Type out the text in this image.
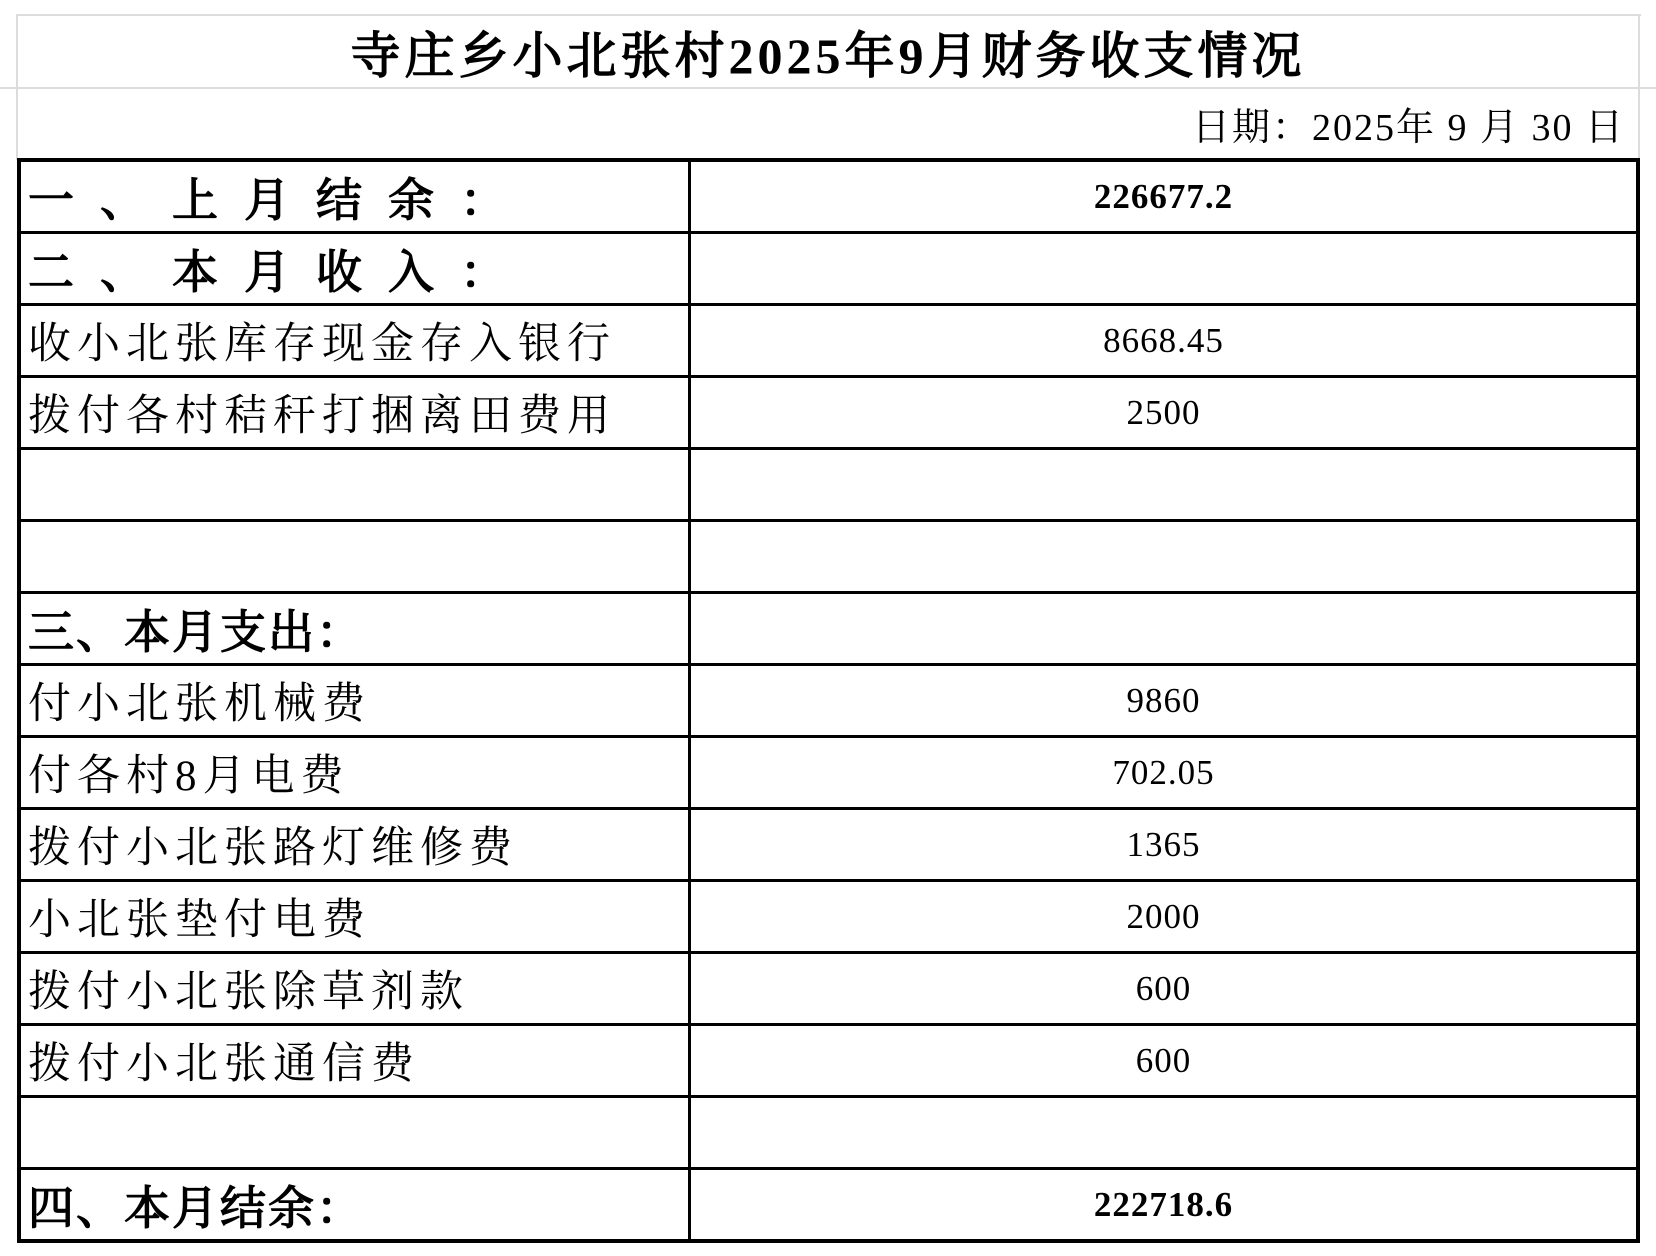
寺庄乡小北张村2025年9月财务收支情况
日期：2025年 9 月 30 日
一、上月结余：	226677.2
二、本月收入：
收小北张库存现金存入银行	8668.45
拨付各村秸秆打捆离田费用	2500
三、本月支出：
付小北张机械费	9860
付各村8月电费	702.05
拨付小北张路灯维修费	1365
小北张垫付电费	2000
拨付小北张除草剂款	600
拨付小北张通信费	600
四、本月结余：	222718.6
